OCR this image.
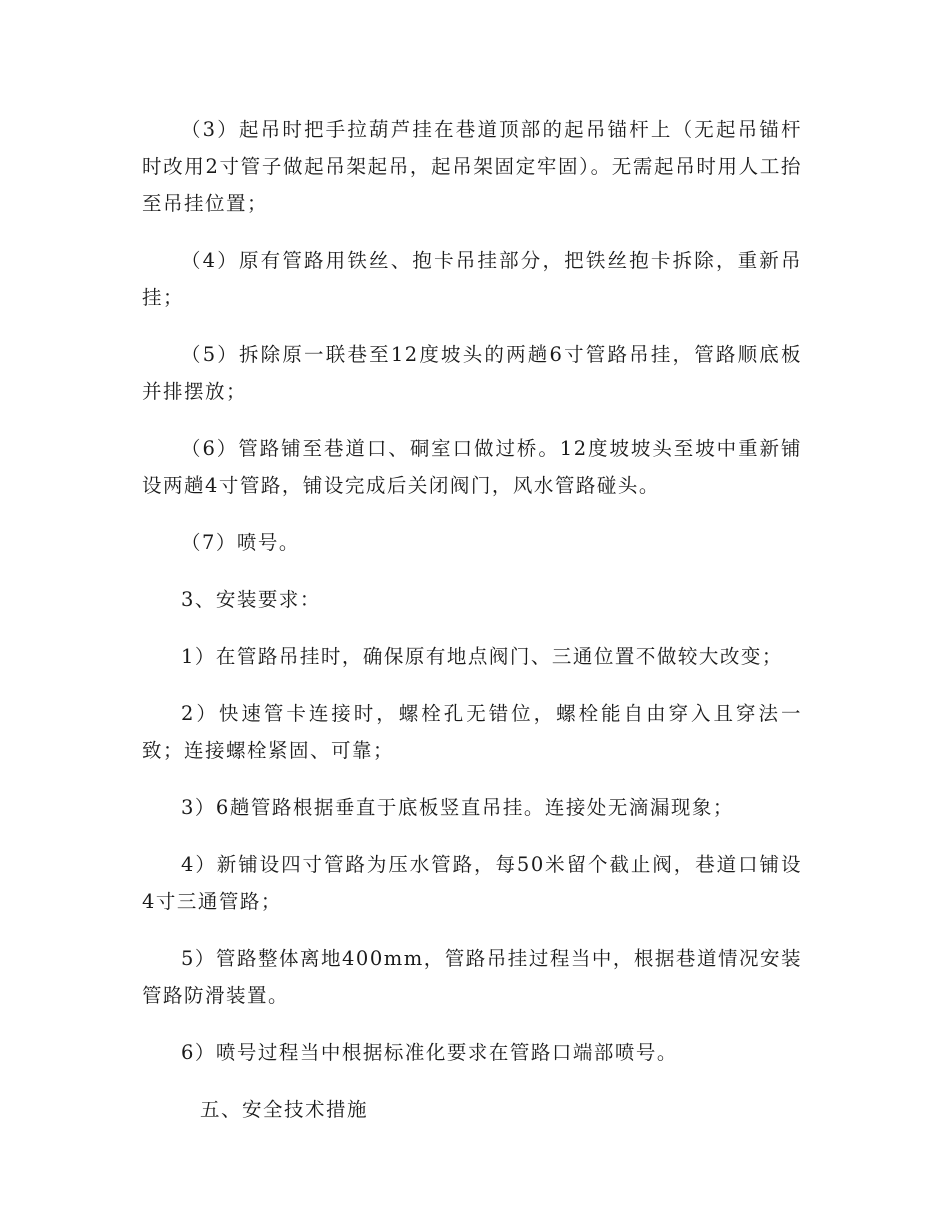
（3）起吊时把手拉葫芦挂在巷道顶部的起吊锚杆上（无起吊锚杆时改用2寸管子做起吊架起吊，起吊架固定牢固）。无需起吊时用人工抬至吊挂位置；

（4）原有管路用铁丝、抱卡吊挂部分，把铁丝抱卡拆除，重新吊挂；

（5）拆除原一联巷至12度坡头的两趟6寸管路吊挂，管路顺底板并排摆放；

（6）管路铺至巷道口、硐室口做过桥。12度坡坡头至坡中重新铺设两趟4寸管路，铺设完成后关闭阀门，风水管路碰头。

（7）喷号。

3、安装要求：

1）在管路吊挂时，确保原有地点阀门、三通位置不做较大改变；

2）快速管卡连接时，螺栓孔无错位，螺栓能自由穿入且穿法一致；连接螺栓紧固、可靠；

3）6趟管路根据垂直于底板竖直吊挂。连接处无滴漏现象；

4）新铺设四寸管路为压水管路，每50米留个截止阀，巷道口铺设4寸三通管路；

5）管路整体离地400mm，管路吊挂过程当中，根据巷道情况安装管路防滑装置。

6）喷号过程当中根据标准化要求在管路口端部喷号。

五、安全技术措施
